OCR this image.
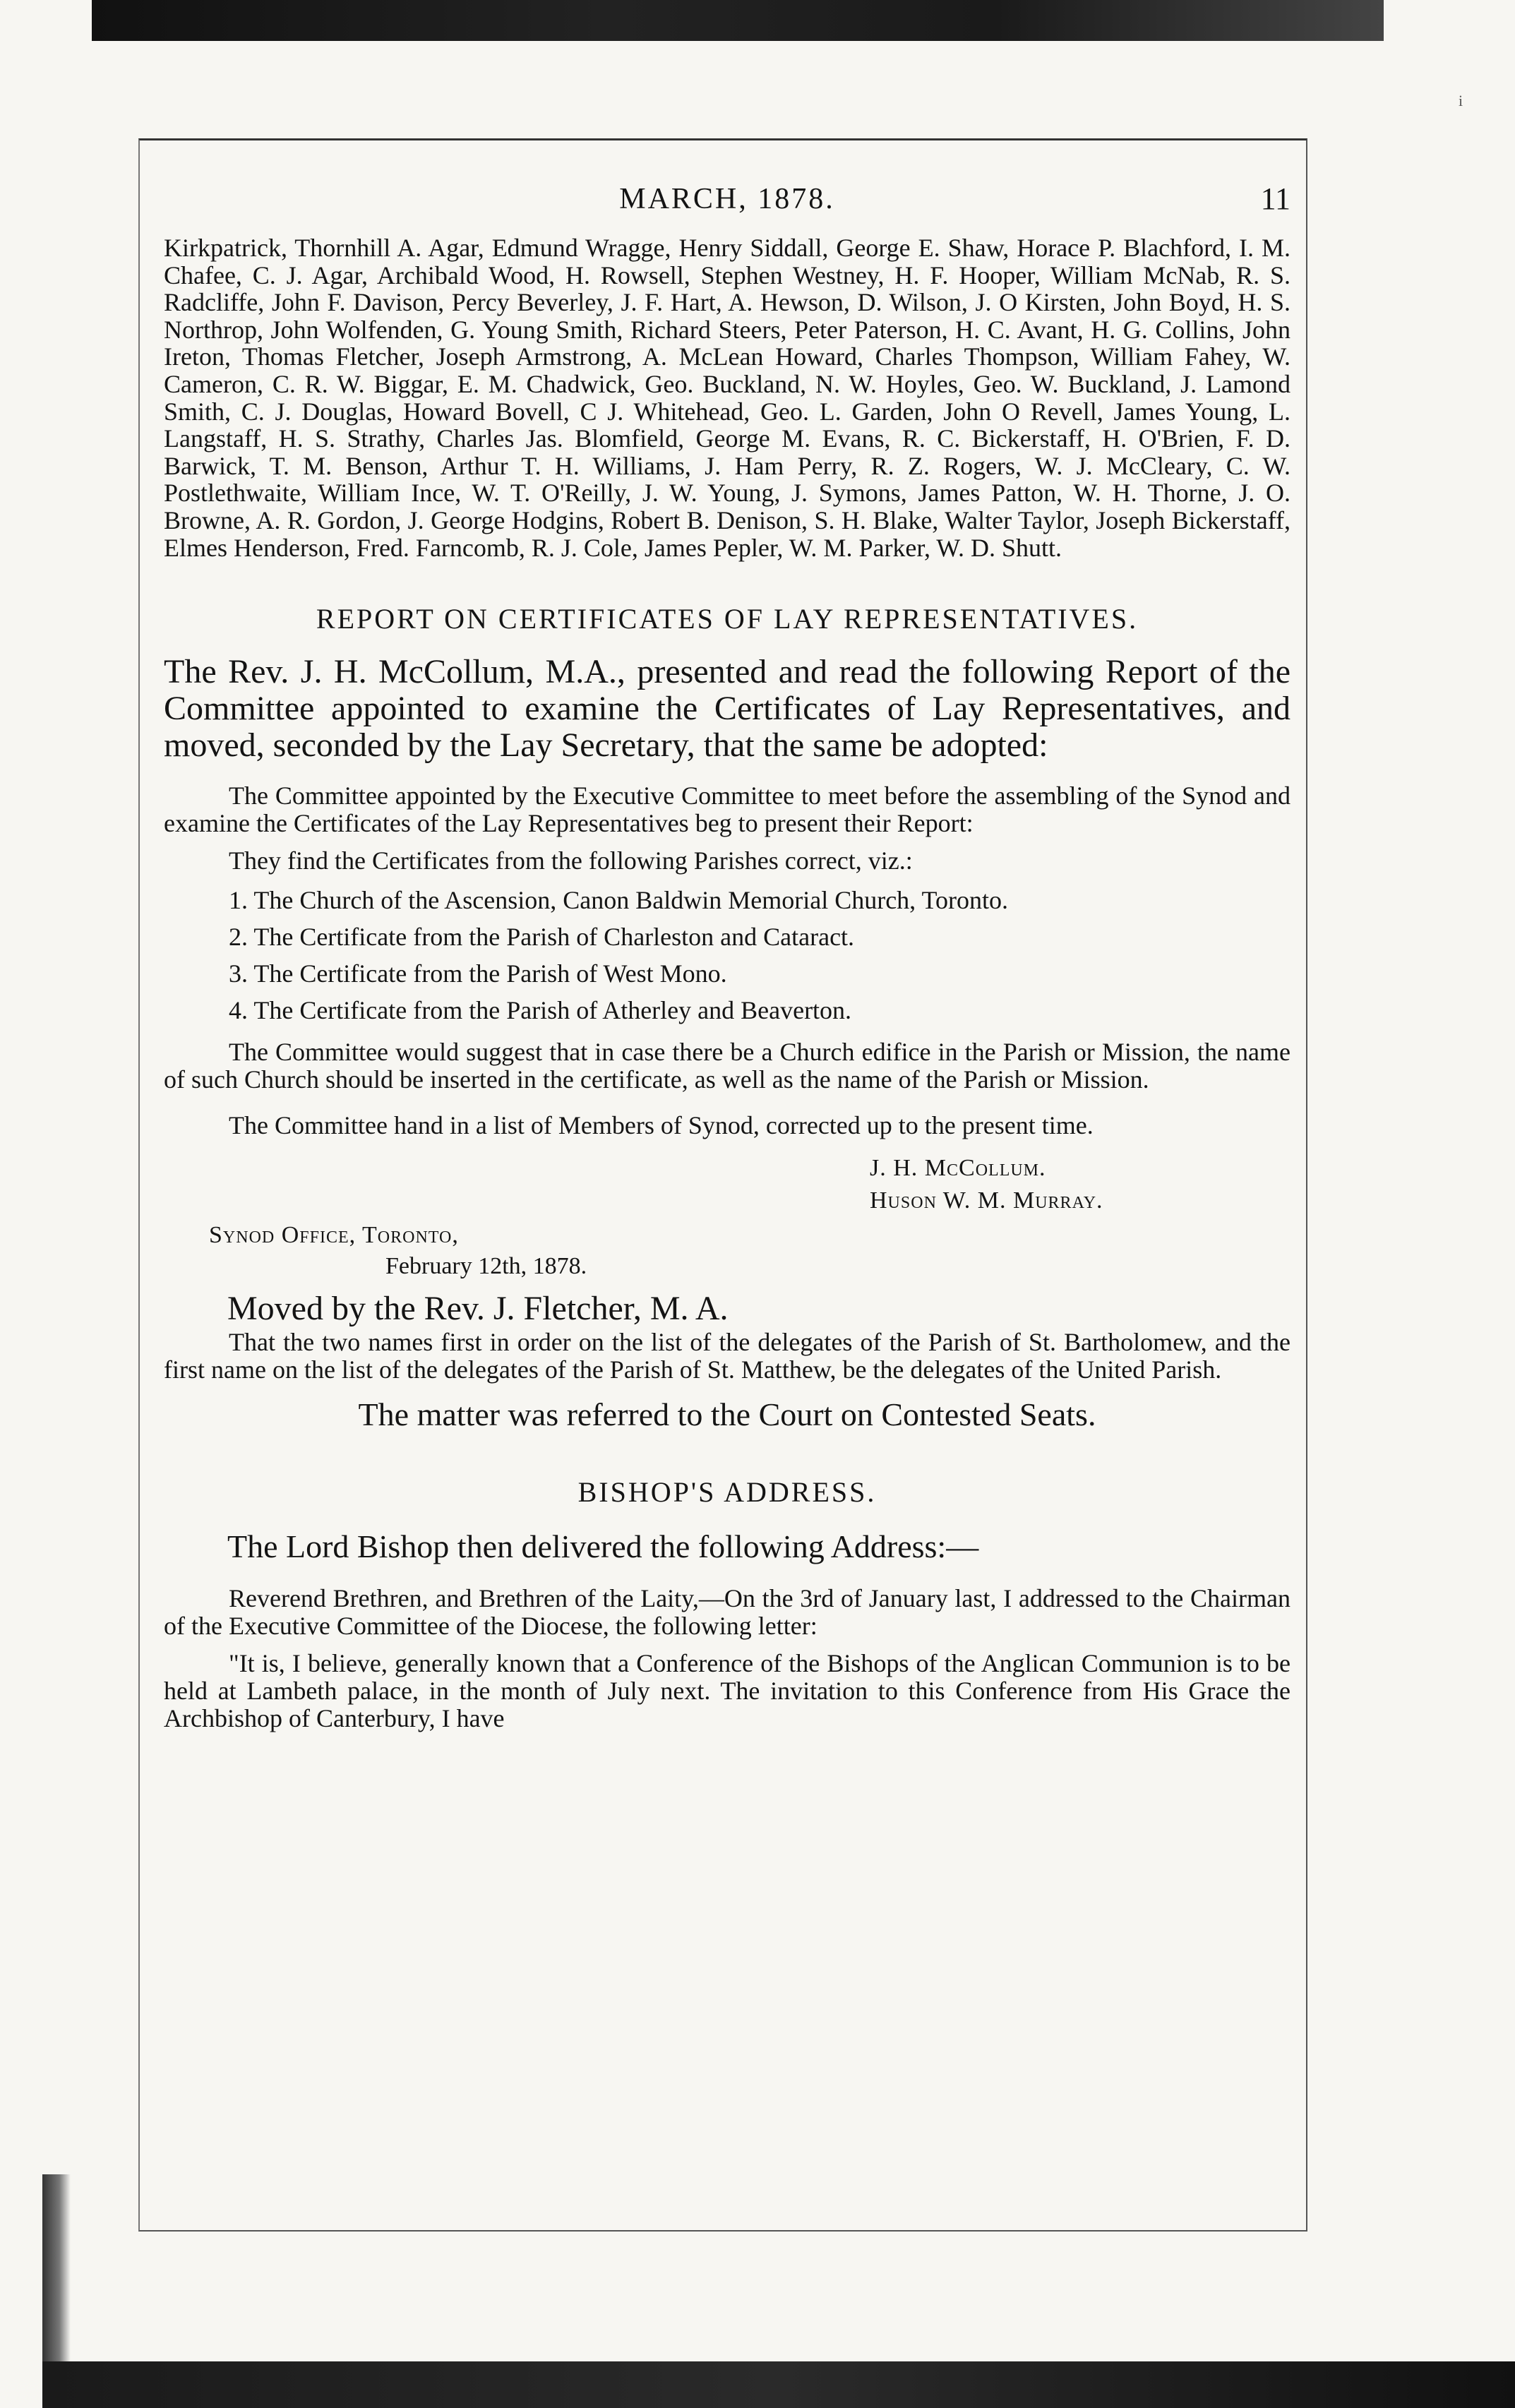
i
MARCH, 1878.	11

Kirkpatrick, Thornhill A. Agar, Edmund Wragge, Henry Siddall, George E. Shaw, Horace P. Blachford, I. M. Chafee, C. J. Agar, Archibald Wood, H. Rowsell, Stephen Westney, H. F. Hooper, William McNab, R. S. Radcliffe, John F. Davison, Percy Beverley, J. F. Hart, A. Hewson, D. Wilson, J. O Kirsten, John Boyd, H. S. Northrop, John Wolfenden, G. Young Smith, Richard Steers, Peter Paterson, H. C. Avant, H. G. Collins, John Ireton, Thomas Fletcher, Joseph Armstrong, A. McLean Howard, Charles Thompson, William Fahey, W. Cameron, C. R. W. Biggar, E. M. Chadwick, Geo. Buckland, N. W. Hoyles, Geo. W. Buckland, J. Lamond Smith, C. J. Douglas, Howard Bovell, C J. Whitehead, Geo. L. Garden, John O Revell, James Young, L. Langstaff, H. S. Strathy, Charles Jas. Blomfield, George M. Evans, R. C. Bickerstaff, H. O'Brien, F. D. Barwick, T. M. Benson, Arthur T. H. Williams, J. Ham Perry, R. Z. Rogers, W. J. McCleary, C. W. Postlethwaite, William Ince, W. T. O'Reilly, J. W. Young, J. Symons, James Patton, W. H. Thorne, J. O. Browne, A. R. Gordon, J. George Hodgins, Robert B. Denison, S. H. Blake, Walter Taylor, Joseph Bickerstaff, Elmes Henderson, Fred. Farncomb, R. J. Cole, James Pepler, W. M. Parker, W. D. Shutt.

REPORT ON CERTIFICATES OF LAY REPRESENTATIVES.

The Rev. J. H. McCollum, M.A., presented and read the following Report of the Committee appointed to examine the Certificates of Lay Representatives, and moved, seconded by the Lay Secretary, that the same be adopted:

The Committee appointed by the Executive Committee to meet before the assembling of the Synod and examine the Certificates of the Lay Representatives beg to present their Report:

They find the Certificates from the following Parishes correct, viz.:

1. The Church of the Ascension, Canon Baldwin Memorial Church, Toronto.
2. The Certificate from the Parish of Charleston and Cataract.
3. The Certificate from the Parish of West Mono.
4. The Certificate from the Parish of Atherley and Beaverton.

The Committee would suggest that in case there be a Church edifice in the Parish or Mission, the name of such Church should be inserted in the certificate, as well as the name of the Parish or Mission.

The Committee hand in a list of Members of Synod, corrected up to the present time.

J. H. McCollum.
Huson W. M. Murray.
Synod Office, Toronto,
February 12th, 1878.
Moved by the Rev. J. Fletcher, M. A.

That the two names first in order on the list of the delegates of the Parish of St. Bartholomew, and the first name on the list of the delegates of the Parish of St. Matthew, be the delegates of the United Parish.

The matter was referred to the Court on Contested Seats.
BISHOP'S ADDRESS.
The Lord Bishop then delivered the following Address:—

Reverend Brethren, and Brethren of the Laity,—On the 3rd of January last, I addressed to the Chairman of the Executive Committee of the Diocese, the following letter:

"It is, I believe, generally known that a Conference of the Bishops of the Anglican Communion is to be held at Lambeth palace, in the month of July next. The invitation to this Conference from His Grace the Archbishop of Canterbury, I have
